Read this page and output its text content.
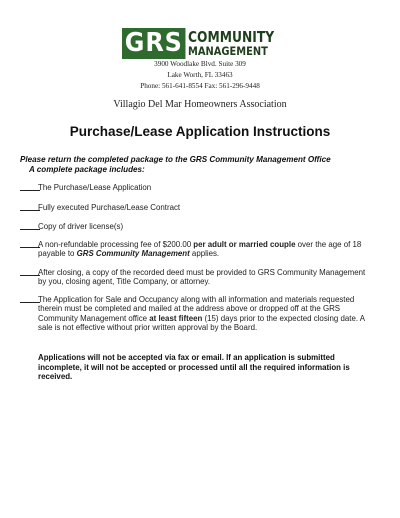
GRS COMMUNITY
MANAGEMENT
3900 Woodlake Blvd. Suite 309
Lake Worth, FL 33463
Phone: 561-641-8554 Fax: 561-296-9448
Villagio Del Mar Homeowners Association
Purchase/Lease Application Instructions
Please return the completed package to the GRS Community Management Office
A complete package includes:
The Purchase/Lease Application
Fully executed Purchase/Lease Contract
Copy of driver license(s)
A non-refundable processing fee of $200.00 per adult or married couple over the age of 18 payable to GRS Community Management applies.
After closing, a copy of the recorded deed must be provided to GRS Community Management by you, closing agent, Title Company, or attorney.
The Application for Sale and Occupancy along with all information and materials requested therein must be completed and mailed at the address above or dropped off at the GRS Community Management office at least fifteen (15) days prior to the expected closing date. A sale is not effective without prior written approval by the Board.
Applications will not be accepted via fax or email. If an application is submitted incomplete, it will not be accepted or processed until all the required information is received.
